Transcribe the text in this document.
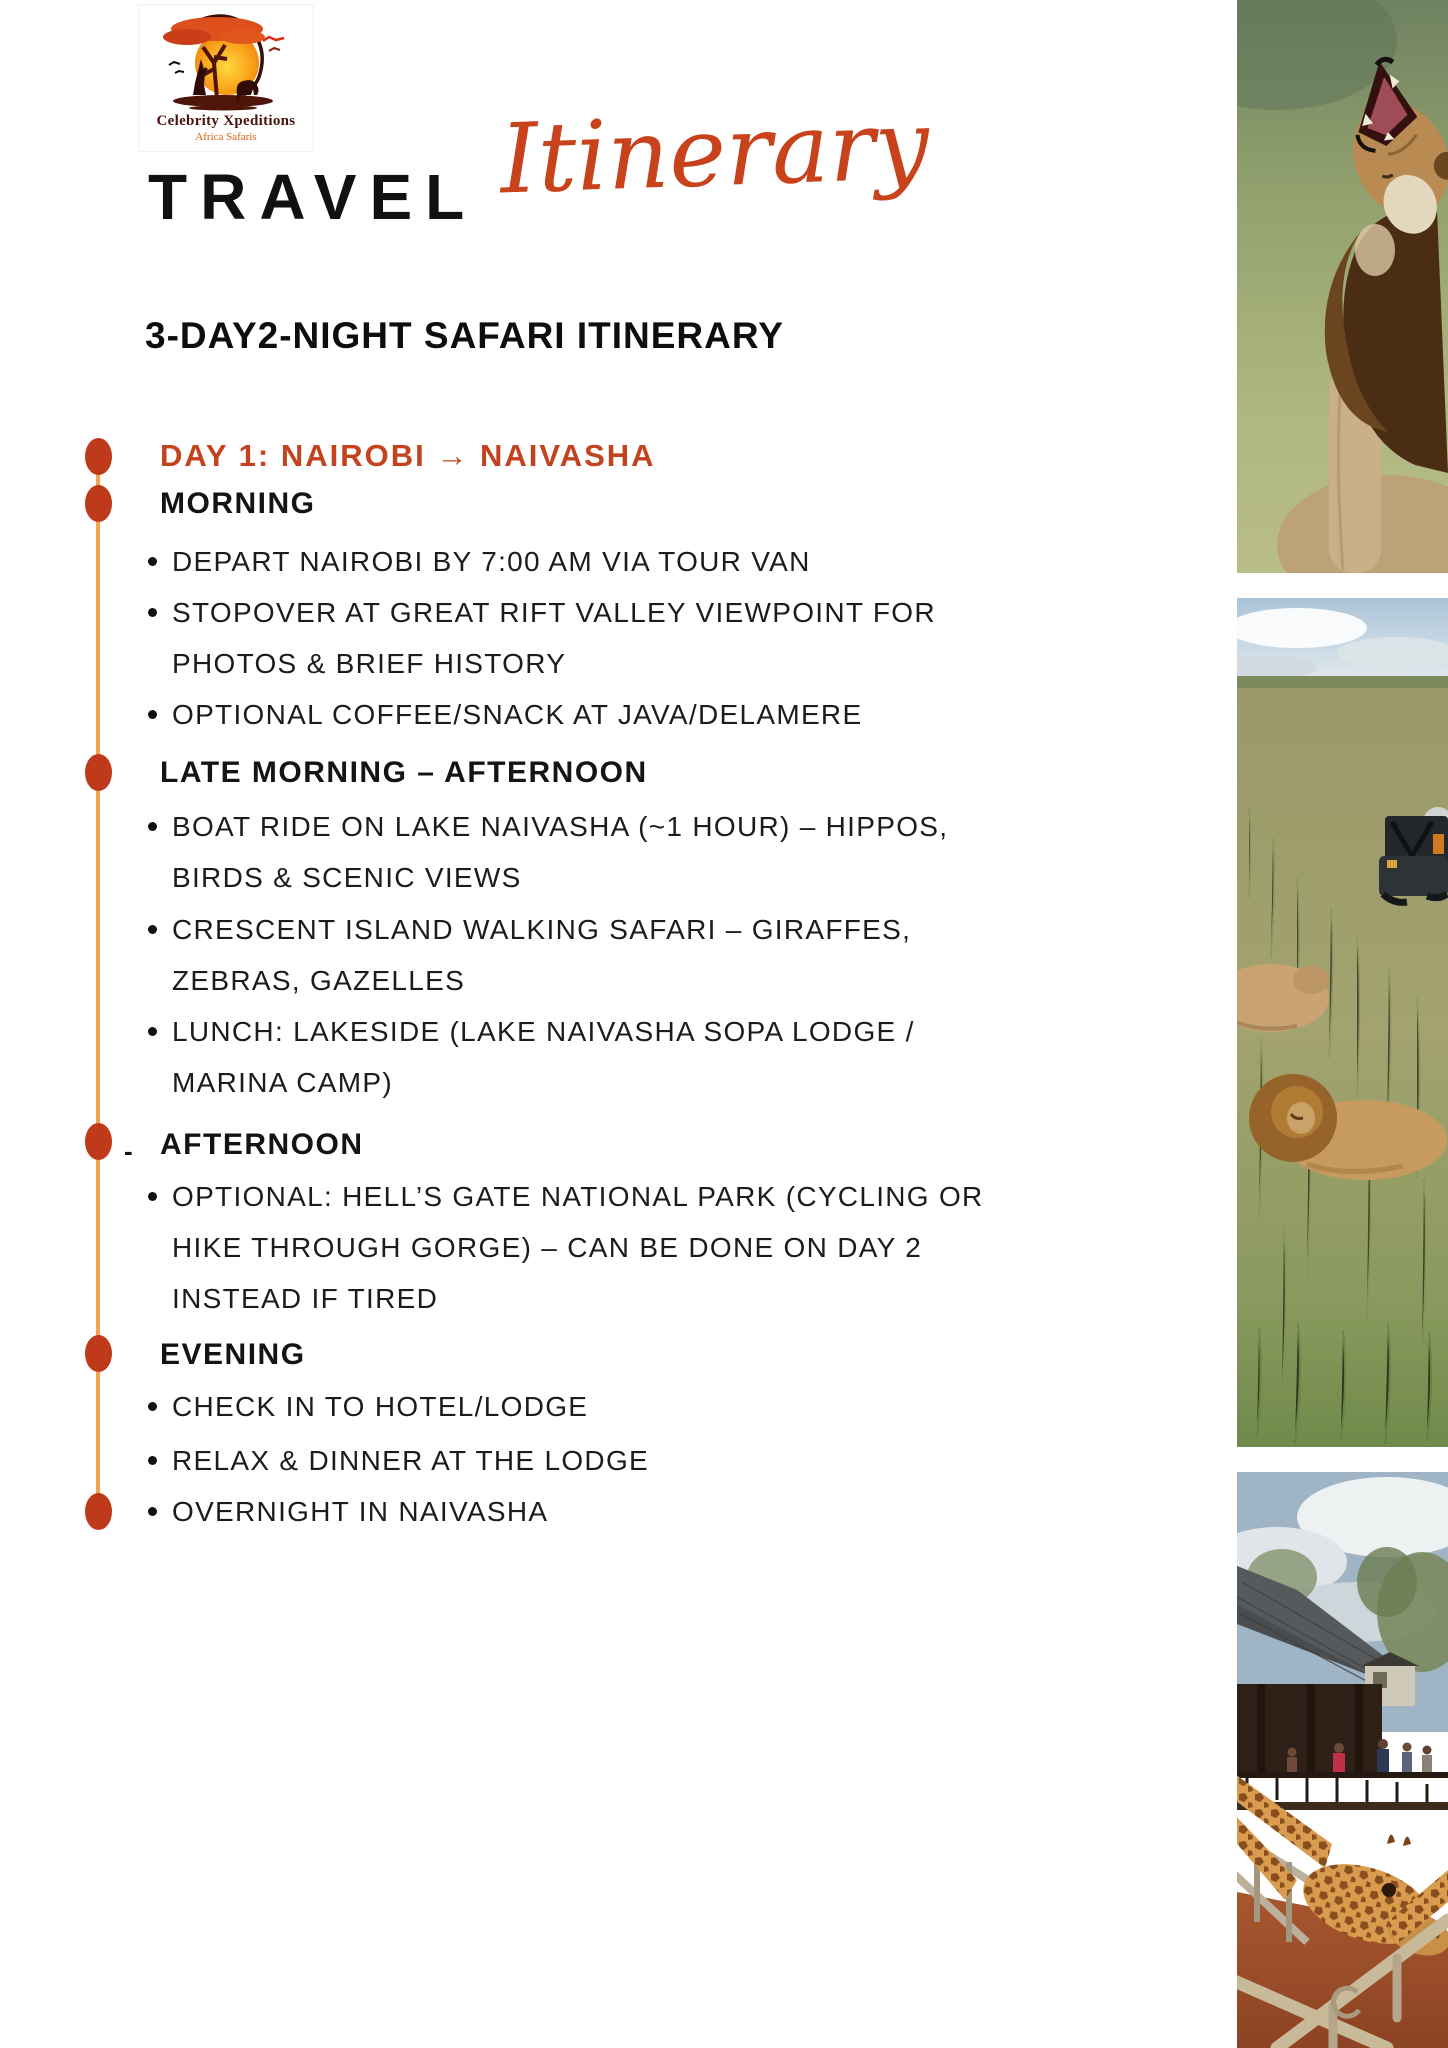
Celebrity Xpeditions
Africa Safaris
TRAVEL Itinerary
3-DAY2-NIGHT SAFARI ITINERARY
DAY 1: NAIROBI → NAIVASHA
MORNING
DEPART NAIROBI BY 7:00 AM VIA TOUR VAN
STOPOVER AT GREAT RIFT VALLEY VIEWPOINT FOR
PHOTOS & BRIEF HISTORY
OPTIONAL COFFEE/SNACK AT JAVA/DELAMERE
LATE MORNING – AFTERNOON
BOAT RIDE ON LAKE NAIVASHA (~1 HOUR) – HIPPOS,
BIRDS & SCENIC VIEWS
CRESCENT ISLAND WALKING SAFARI – GIRAFFES,
ZEBRAS, GAZELLES
LUNCH: LAKESIDE (LAKE NAIVASHA SOPA LODGE /
MARINA CAMP)
- AFTERNOON
OPTIONAL: HELL’S GATE NATIONAL PARK (CYCLING OR
HIKE THROUGH GORGE) – CAN BE DONE ON DAY 2
INSTEAD IF TIRED
EVENING
CHECK IN TO HOTEL/LODGE
RELAX & DINNER AT THE LODGE
OVERNIGHT IN NAIVASHA
